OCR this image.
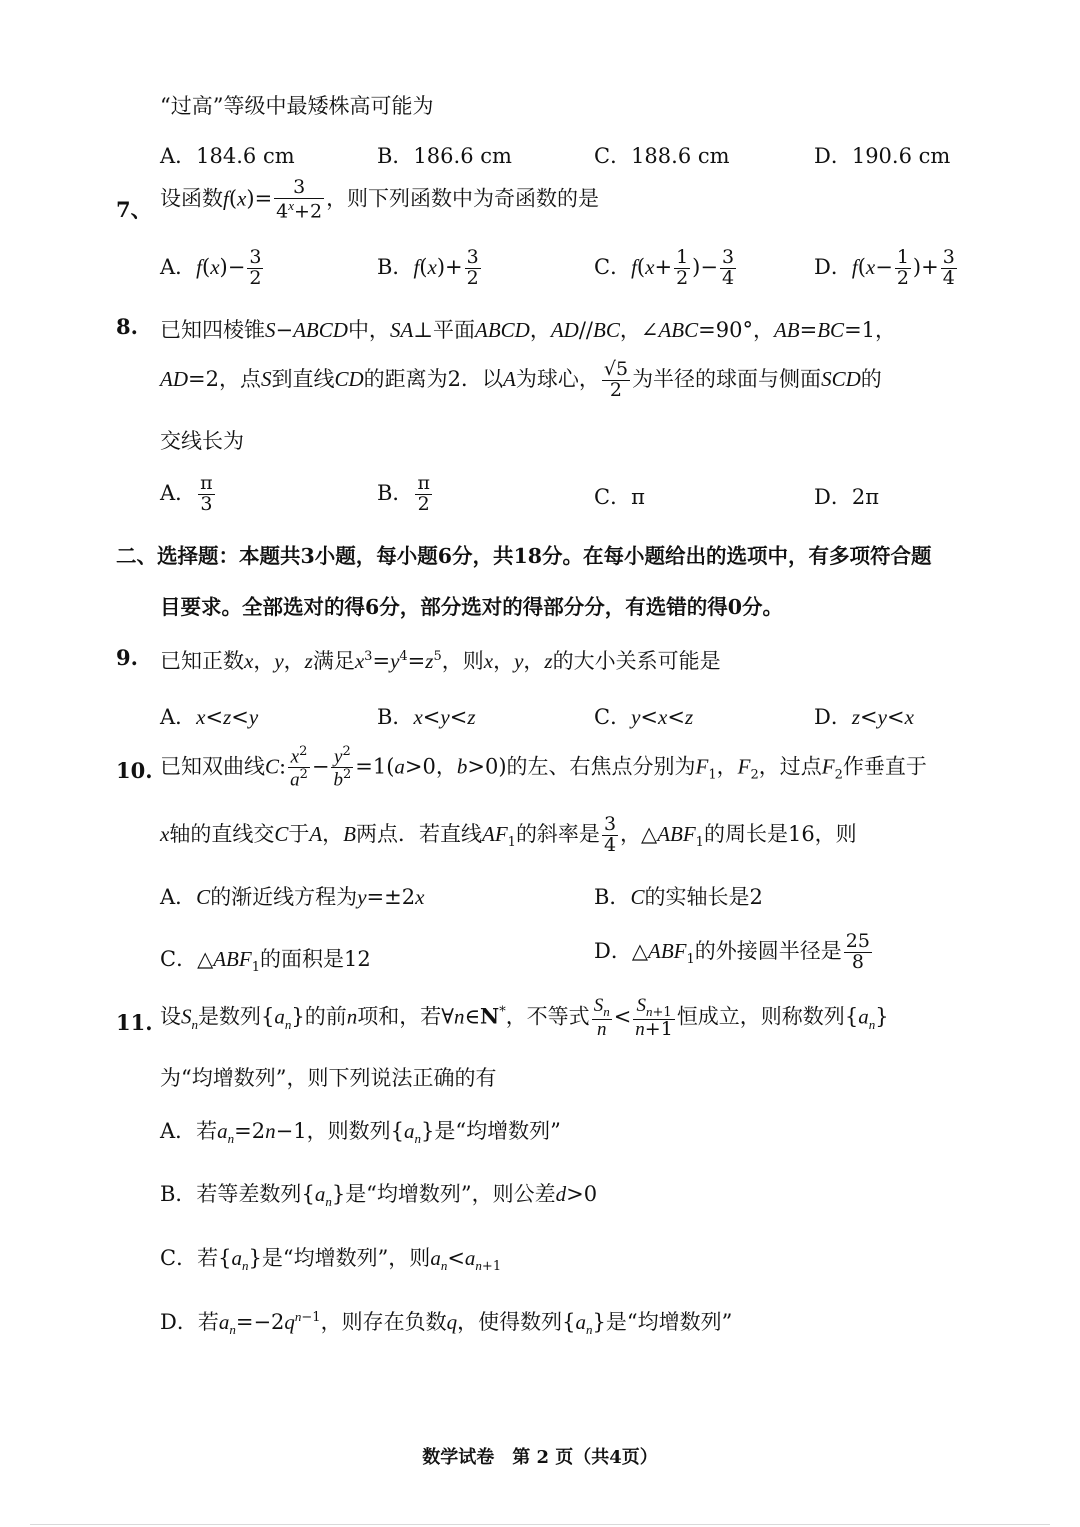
“过高”等级中最矮株高可能为
A．184.6 cm	B．186.6 cm	C．188.6 cm	D．190.6 cm
7、 设函数$f(x)= \frac{3}{4^x+2}$ ，则下列函数中为奇函数的是
A．$f(x)- \frac{3}{2}$	B．$f(x)+ \frac{3}{2}$	C．$f(x+ \frac{1}{2}$ )− $\frac{3}{4}$	D．$f(x- \frac{1}{2}$ )+ $\frac{3}{4}$
8. 已知四棱锥S−ABCD中，SA⊥平面ABCD，AD//BC，∠ABC=90°，AB=BC=1，
AD=2，点S到直线CD的距离为2．以A为球心， $\frac{√5}{2}$ 为半径的球面与侧面SCD的
交线长为
A． $\frac{\pi}{3}$	B． $\frac{\pi}{2}$	C．π	D．2π
二、选择题：本题共3小题，每小题6分，共18分。在每小题给出的选项中，有多项符合题
目要求。全部选对的得6分，部分选对的得部分分，有选错的得0分。
9. 已知正数x，y，z满足$x^3=y^4=z^5$，则x，y，z的大小关系可能是
A．x<z<y	B．x<y<z	C．y<x<z	D．z<y<x
10. 已知双曲线C: $\frac{x^2}{a^2} - \frac{y^2}{b^2} =1(a>0$，b>0)的左、右焦点分别为$F_1$，$F_2$，过点$F_2$作垂直于
x轴的直线交C于A，B两点．若直线$AF_1$的斜率是 $\frac{3}{4}$ ，$\triangle ABF_1$的周长是16，则
A．C的渐近线方程为y=±2x	B．C的实轴长是2
C．$\triangle ABF_1$的面积是12	D．$\triangle ABF_1$的外接圆半径是 $\frac{25}{8}$
11. 设$S_n$是数列$\{a_n\}$的前n项和，若∀n∈N*，不等式 $\frac{S_n}{n} < \frac{S_{n+1}}{n+1}$ 恒成立，则称数列$\{a_n\}$
为“均增数列”，则下列说法正确的有
A．若$a_n=2n-1$，则数列$\{a_n\}$是“均增数列”
B．若等差数列$\{a_n\}$是“均增数列”，则公差d>0
C．若$\{a_n\}$是“均增数列”，则$a_n<a_{n+1}$
D．若$a_n=-2q^{n-1}$，则存在负数q，使得数列$\{a_n\}$是“均增数列”
数学试卷　第 2 页（共4页）
